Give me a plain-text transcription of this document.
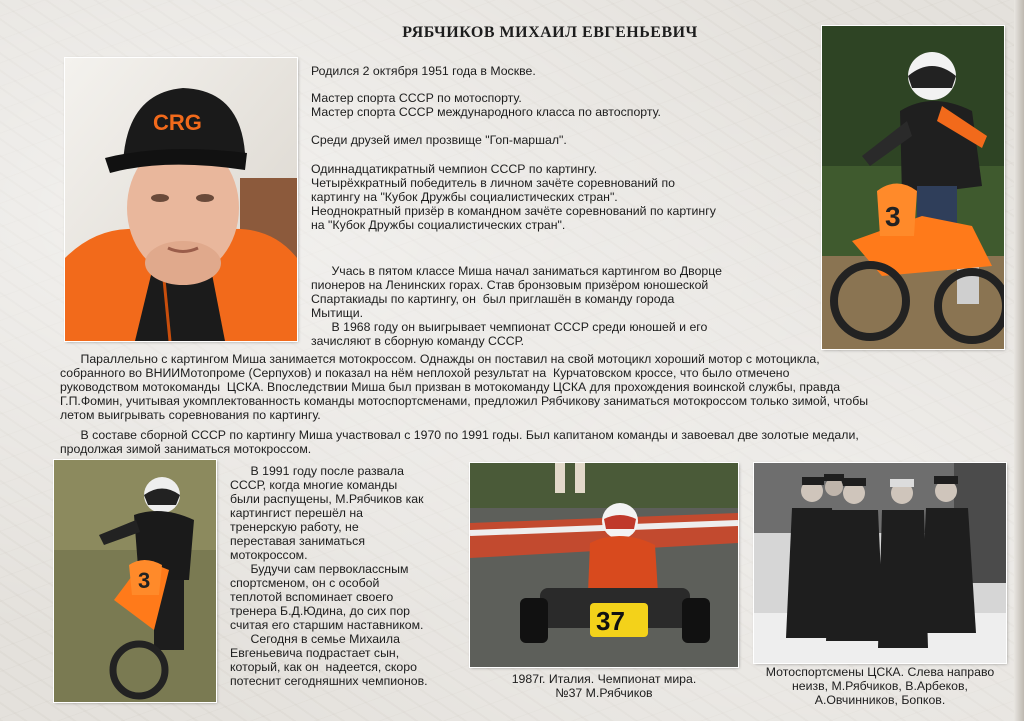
РЯБЧИКОВ МИХАИЛ ЕВГЕНЬЕВИЧ
CRG

Родился 2 октября 1951 года в Москве.

Мастер спорта СССР по мотоспорту.
Мастер спорта СССР международного класса по автоспорту.

Среди друзей имел прозвище "Гоп-маршал".

Одиннадцатикратный чемпион СССР по картингу.
Четырёхкратный победитель в личном зачёте соревнований по
картингу на "Кубок Дружбы социалистических стран".
Неоднократный призёр в командном зачёте соревнований по картингу
на "Кубок Дружбы социалистических стран".

Учась в пятом классе Миша начал заниматься картингом во Дворце
пионеров на Ленинских горах. Став бронзовым призёром юношеской
Спартакиады по картингу, он  был приглашён в команду города
Мытищи.
В 1968 году он выигрывает чемпионат СССР среди юношей и его
зачисляют в сборную команду СССР.

3

Параллельно с картингом Миша занимается мотокроссом. Однажды он поставил на свой мотоцикл хороший мотор с мотоцикла,
собранного во ВНИИМотопроме (Серпухов) и показал на нём неплохой результат на  Курчатовском кроссе, что было отмечено
руководством мотокоманды  ЦСКА. Впоследствии Миша был призван в мотокоманду ЦСКА для прохождения воинской службы, правда
Г.П.Фомин, учитывая укомплектованность команды мотоспортсменами, предложил Рябчикову заниматься мотокроссом только зимой, чтобы
летом выигрывать соревнования по картингу.

В составе сборной СССР по картингу Миша участвовал с 1970 по 1991 годы. Был капитаном команды и завоевал две золотые медали,
продолжая зимой заниматься мотокроссом.

3

В 1991 году после развала
СССР, когда многие команды
были распущены, М.Рябчиков как
картингист перешёл на
тренерскую работу, не
переставая заниматься
мотокроссом.
Будучи сам первоклассным
спортсменом, он с особой
теплотой вспоминает своего
тренера Б.Д.Юдина, до сих пор
считая его старшим наставником.
Сегодня в семье Михаила
Евгеньевича подрастает сын,
который, как он  надеется, скоро
потеснит сегодняшних чемпионов.

37

1987г. Италия. Чемпионат мира.
№37 М.Рябчиков

Мотоспортсмены ЦСКА. Слева направо
неизв, М.Рябчиков, В.Арбеков,
А.Овчинников, Бопков.
